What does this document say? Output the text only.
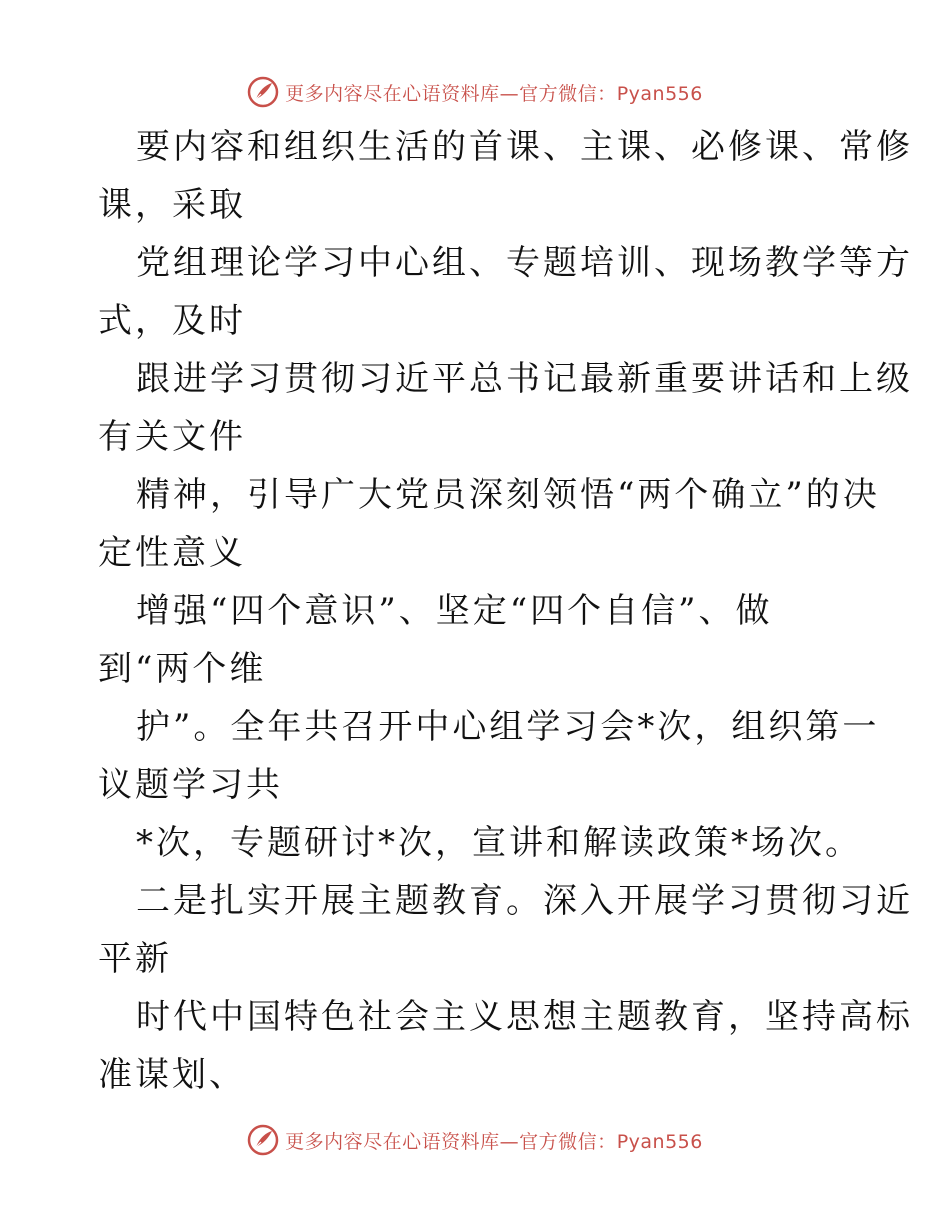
更多内容尽在心语资料库—官方微信：Pyan556
要内容和组织生活的首课、主课、必修课、常修
课，采取
党组理论学习中心组、专题培训、现场教学等方
式，及时
跟进学习贯彻习近平总书记最新重要讲话和上级
有关文件
精神，引导广大党员深刻领悟“两个确立”的决
定性意义
增强“四个意识”、坚定“四个自信”、做
到“两个维
护”。全年共召开中心组学习会*次，组织第一
议题学习共
*次，专题研讨*次，宣讲和解读政策*场次。
二是扎实开展主题教育。深入开展学习贯彻习近
平新
时代中国特色社会主义思想主题教育，坚持高标
准谋划、
更多内容尽在心语资料库—官方微信：Pyan556
